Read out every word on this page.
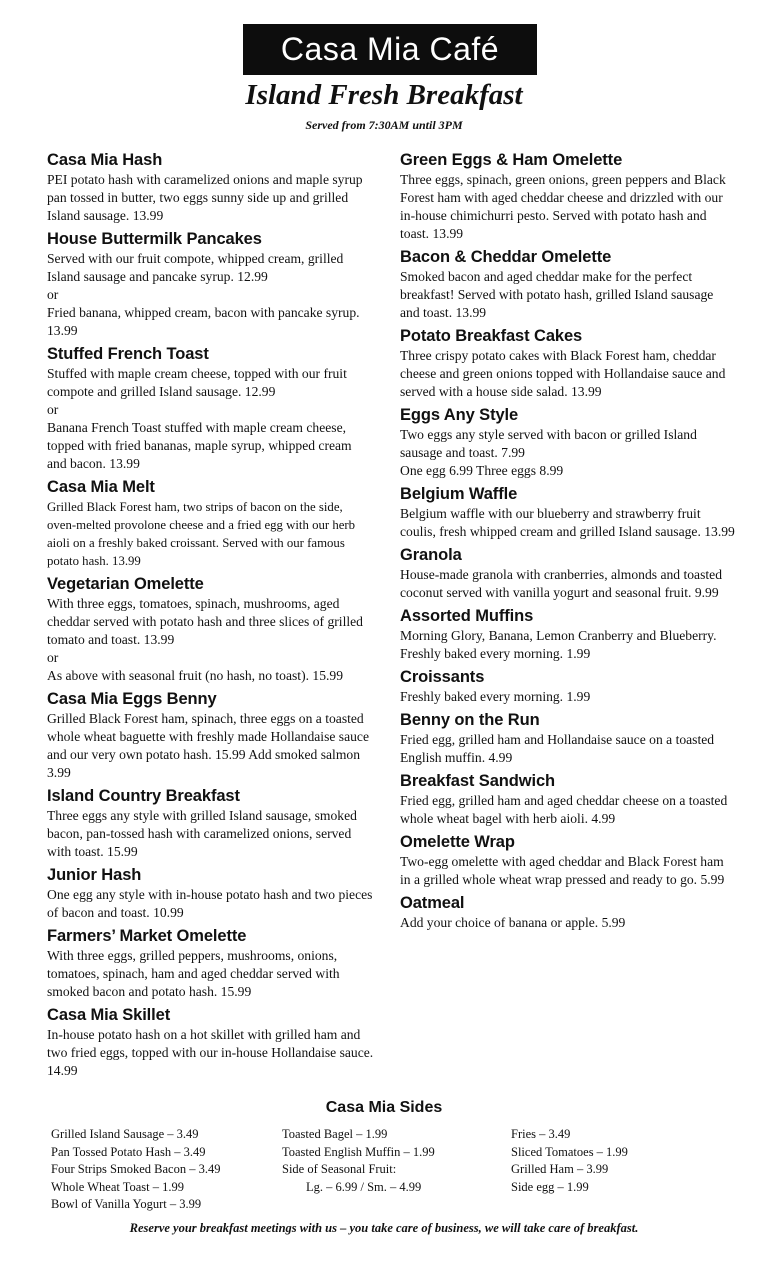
Casa Mia Café
Island Fresh Breakfast
Served from 7:30AM until 3PM
Casa Mia Hash
PEI potato hash with caramelized onions and maple syrup pan tossed in butter, two eggs sunny side up and grilled Island sausage. 13.99
House Buttermilk Pancakes
Served with our fruit compote, whipped cream, grilled Island sausage and pancake syrup. 12.99
or
Fried banana, whipped cream, bacon with pancake syrup. 13.99
Stuffed French Toast
Stuffed with maple cream cheese, topped with our fruit compote and grilled Island sausage. 12.99
or
Banana French Toast stuffed with maple cream cheese, topped with fried bananas, maple syrup, whipped cream and bacon. 13.99
Casa Mia Melt
Grilled Black Forest ham, two strips of bacon on the side, oven-melted provolone cheese and a fried egg with our herb aioli on a freshly baked croissant. Served with our famous potato hash. 13.99
Vegetarian Omelette
With three eggs, tomatoes, spinach, mushrooms, aged cheddar served with potato hash and three slices of grilled tomato and toast. 13.99
or
As above with seasonal fruit (no hash, no toast). 15.99
Casa Mia Eggs Benny
Grilled Black Forest ham, spinach, three eggs on a toasted whole wheat baguette with freshly made Hollandaise sauce and our very own potato hash. 15.99 Add smoked salmon 3.99
Island Country Breakfast
Three eggs any style with grilled Island sausage, smoked bacon, pan-tossed hash with caramelized onions, served with toast. 15.99
Junior Hash
One egg any style with in-house potato hash and two pieces of bacon and toast. 10.99
Farmers’ Market Omelette
With three eggs, grilled peppers, mushrooms, onions, tomatoes, spinach, ham and aged cheddar served with smoked bacon and potato hash. 15.99
Casa Mia Skillet
In-house potato hash on a hot skillet with grilled ham and two fried eggs, topped with our in-house Hollandaise sauce. 14.99
Green Eggs & Ham Omelette
Three eggs, spinach, green onions, green peppers and Black Forest ham with aged cheddar cheese and drizzled with our in-house chimichurri pesto. Served with potato hash and toast. 13.99
Bacon & Cheddar Omelette
Smoked bacon and aged cheddar make for the perfect breakfast! Served with potato hash, grilled Island sausage and toast. 13.99
Potato Breakfast Cakes
Three crispy potato cakes with Black Forest ham, cheddar cheese and green onions topped with Hollandaise sauce and served with a house side salad. 13.99
Eggs Any Style
Two eggs any style served with bacon or grilled Island sausage and toast. 7.99
One egg 6.99 Three eggs 8.99
Belgium Waffle
Belgium waffle with our blueberry and strawberry fruit coulis, fresh whipped cream and grilled Island sausage. 13.99
Granola
House-made granola with cranberries, almonds and toasted coconut served with vanilla yogurt and seasonal fruit. 9.99
Assorted Muffins
Morning Glory, Banana, Lemon Cranberry and Blueberry. Freshly baked every morning. 1.99
Croissants
Freshly baked every morning. 1.99
Benny on the Run
Fried egg, grilled ham and Hollandaise sauce on a toasted English muffin. 4.99
Breakfast Sandwich
Fried egg, grilled ham and aged cheddar cheese on a toasted whole wheat bagel with herb aioli. 4.99
Omelette Wrap
Two-egg omelette with aged cheddar and Black Forest ham in a grilled whole wheat wrap pressed and ready to go. 5.99
Oatmeal
Add your choice of banana or apple. 5.99
Casa Mia Sides
Grilled Island Sausage – 3.49
Pan Tossed Potato Hash – 3.49
Four Strips Smoked Bacon – 3.49
Whole Wheat Toast – 1.99
Bowl of Vanilla Yogurt – 3.99
Toasted Bagel – 1.99
Toasted English Muffin – 1.99
Side of Seasonal Fruit:
Lg. – 6.99 / Sm. – 4.99
Fries – 3.49
Sliced Tomatoes – 1.99
Grilled Ham – 3.99
Side egg – 1.99
Reserve your breakfast meetings with us – you take care of business, we will take care of breakfast.
